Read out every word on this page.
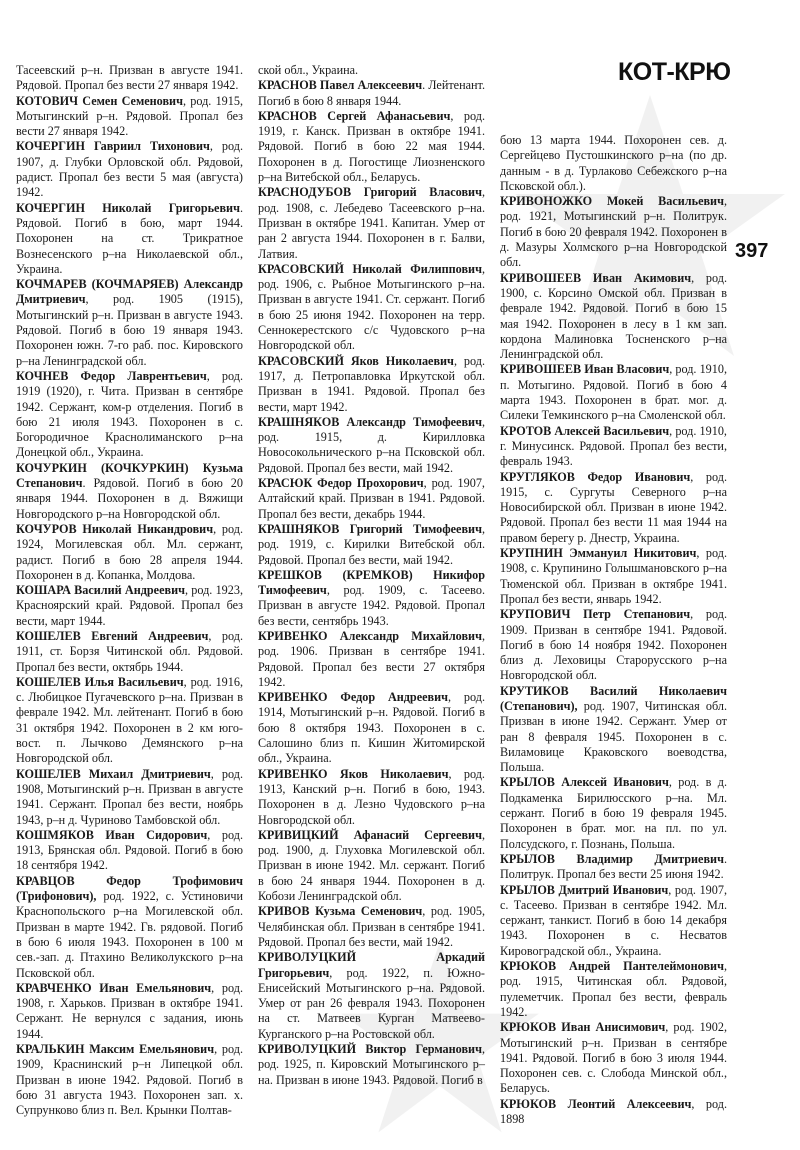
КОТ-КРЮ
397

Тасеевский р–н. Призван в августе 1941. Рядовой. Пропал без вести 27 января 1942.

КОТОВИЧ Семен Семенович, род. 1915, Мотыгинский р–н. Рядовой. Пропал без вести 27 января 1942.

КОЧЕРГИН Гавриил Тихонович, род. 1907, д. Глубки Орловской обл. Рядовой, радист. Пропал без вести 5 мая (августа) 1942.

КОЧЕРГИН Николай Григорьевич. Рядовой. Погиб в бою, март 1944. Похоронен на ст. Трикратное Вознесенского р–на Николаевской обл., Украина.

КОЧМАРЕВ (КОЧМАРЯЕВ) Александр Дмитриевич, род. 1905 (1915), Мотыгинский р–н. Призван в августе 1943. Рядовой. Погиб в бою 19 января 1943. Похоронен южн. 7-го раб. пос. Кировского р–на Ленинградской обл.

КОЧНЕВ Федор Лаврентьевич, род. 1919 (1920), г. Чита. Призван в сентябре 1942. Сержант, ком-р отделения. Погиб в бою 21 июля 1943. Похоронен в с. Богородичное Краснолиманского р–на Донецкой обл., Украина.

КОЧУРКИН (КОЧКУРКИН) Кузьма Степанович. Рядовой. Погиб в бою 20 января 1944. Похоронен в д. Вяжищи Новгородского р–на Новгородской обл.

КОЧУРОВ Николай Никандрович, род. 1924, Могилевская обл. Мл. сержант, радист. Погиб в бою 28 апреля 1944. Похоронен в д. Копанка, Молдова.

КОШАРА Василий Андреевич, род. 1923, Красноярский край. Рядовой. Пропал без вести, март 1944.

КОШЕЛЕВ Евгений Андреевич, род. 1911, ст. Борзя Читинской обл. Рядовой. Пропал без вести, октябрь 1944.

КОШЕЛЕВ Илья Васильевич, род. 1916, с. Любицкое Пугачевского р–на. Призван в феврале 1942. Мл. лейтенант. Погиб в бою 31 октября 1942. Похоронен в 2 км юго-вост. п. Лычково Демянского р–на Новгородской обл.

КОШЕЛЕВ Михаил Дмитриевич, род. 1908, Мотыгинский р–н. Призван в августе 1941. Сержант. Пропал без вести, ноябрь 1943, р–н д. Чуриново Тамбовской обл.

КОШМЯКОВ Иван Сидорович, род. 1913, Брянская обл. Рядовой. Погиб в бою 18 сентября 1942.

КРАВЦОВ Федор Трофимович (Трифонович), род. 1922, с. Устиновичи Краснопольского р–на Могилевской обл. Призван в марте 1942. Гв. рядовой. Погиб в бою 6 июля 1943. Похоронен в 100 м сев.-зап. д. Птахино Великолукского р–на Псковской обл.

КРАВЧЕНКО Иван Емельянович, род. 1908, г. Харьков. Призван в октябре 1941. Сержант. Не вернулся с задания, июнь 1944.

КРАЛЬКИН Максим Емельянович, род. 1909, Краснинский р–н Липецкой обл. Призван в июне 1942. Рядовой. Погиб в бою 31 августа 1943. Похоронен зап. х. Супрунково близ п. Вел. Крынки Полтав-

ской обл., Украина.

КРАСНОВ Павел Алексеевич. Лейтенант. Погиб в бою 8 января 1944.

КРАСНОВ Сергей Афанасьевич, род. 1919, г. Канск. Призван в октябре 1941. Рядовой. Погиб в бою 22 мая 1944. Похоронен в д. Погостище Лиозненского р–на Витебской обл., Беларусь.

КРАСНОДУБОВ Григорий Власович, род. 1908, с. Лебедево Тасеевского р–на. Призван в октябре 1941. Капитан. Умер от ран 2 августа 1944. Похоронен в г. Балви, Латвия.

КРАСОВСКИЙ Николай Филиппович, род. 1906, с. Рыбное Мотыгинского р–на. Призван в августе 1941. Ст. сержант. Погиб в бою 25 июня 1942. Похоронен на терр. Сеннокерестского с/с Чудовского р–на Новгородской обл.

КРАСОВСКИЙ Яков Николаевич, род. 1917, д. Петропавловка Иркутской обл. Призван в 1941. Рядовой. Пропал без вести, март 1942.

КРАШНЯКОВ Александр Тимофеевич, род. 1915, д. Кирилловка Новосокольнического р–на Псковской обл. Рядовой. Пропал без вести, май 1942.

КРАСЮК Федор Прохорович, род. 1907, Алтайский край. Призван в 1941. Рядовой. Пропал без вести, декабрь 1944.

КРАШНЯКОВ Григорий Тимофеевич, род. 1919, с. Кирилки Витебской обл. Рядовой. Пропал без вести, май 1942.

КРЕШКОВ (КРЕМКОВ) Никифор Тимофеевич, род. 1909, с. Тасеево. Призван в августе 1942. Рядовой. Пропал без вести, сентябрь 1943.

КРИВЕНКО Александр Михайлович, род. 1906. Призван в сентябре 1941. Рядовой. Пропал без вести 27 октября 1942.

КРИВЕНКО Федор Андреевич, род. 1914, Мотыгинский р–н. Рядовой. Погиб в бою 8 октября 1943. Похоронен в с. Салошино близ п. Кишин Житомирской обл., Украина.

КРИВЕНКО Яков Николаевич, род. 1913, Канский р–н. Погиб в бою, 1943. Похоронен в д. Лезно Чудовского р–на Новгородской обл.

КРИВИЦКИЙ Афанасий Сергеевич, род. 1900, д. Глуховка Могилевской обл. Призван в июне 1942. Мл. сержант. Погиб в бою 24 января 1944. Похоронен в д. Кобози Ленинградской обл.

КРИВОВ Кузьма Семенович, род. 1905, Челябинская обл. Призван в сентябре 1941. Рядовой. Пропал без вести, май 1942.

КРИВОЛУЦКИЙ Аркадий Григорьевич, род. 1922, п. Южно-Енисейский Мотыгинского р–на. Рядовой. Умер от ран 26 февраля 1943. Похоронен на ст. Матвеев Курган Матвеево-Курганского р–на Ростовской обл.

КРИВОЛУЦКИЙ Виктор Германович, род. 1925, п. Кировский Мотыгинского р–на. Призван в июне 1943. Рядовой. Погиб в

бою 13 марта 1944. Похоронен сев. д. Сергейцево Пустошкинского р–на (по др. данным - в д. Турлаково Себежского р–на Псковской обл.).

КРИВОНОЖКО Мокей Васильевич, род. 1921, Мотыгинский р–н. Политрук. Погиб в бою 20 февраля 1942. Похоронен в д. Мазуры Холмского р–на Новгородской обл.

КРИВОШЕЕВ Иван Акимович, род. 1900, с. Корсино Омской обл. Призван в феврале 1942. Рядовой. Погиб в бою 15 мая 1942. Похоронен в лесу в 1 км зап. кордона Малиновка Тосненского р–на Ленинградской обл.

КРИВОШЕЕВ Иван Власович, род. 1910, п. Мотыгино. Рядовой. Погиб в бою 4 марта 1943. Похоронен в брат. мог. д. Силеки Темкинского р–на Смоленской обл.

КРОТОВ Алексей Васильевич, род. 1910, г. Минусинск. Рядовой. Пропал без вести, февраль 1943.

КРУГЛЯКОВ Федор Иванович, род. 1915, с. Сургуты Северного р–на Новосибирской обл. Призван в июне 1942. Рядовой. Пропал без вести 11 мая 1944 на правом берегу р. Днестр, Украина.

КРУПНИН Эммануил Никитович, род. 1908, с. Крупинино Голышмановского р–на Тюменской обл. Призван в октябре 1941. Пропал без вести, январь 1942.

КРУПОВИЧ Петр Степанович, род. 1909. Призван в сентябре 1941. Рядовой. Погиб в бою 14 ноября 1942. Похоронен близ д. Леховицы Старорусского р–на Новгородской обл.

КРУТИКОВ Василий Николаевич (Степанович), род. 1907, Читинская обл. Призван в июне 1942. Сержант. Умер от ран 8 февраля 1945. Похоронен в с. Виламовице Краковского воеводства, Польша.

КРЫЛОВ Алексей Иванович, род. в д. Подкаменка Бирилюсского р–на. Мл. сержант. Погиб в бою 19 февраля 1945. Похоронен в брат. мог. на пл. по ул. Полсудского, г. Познань, Польша.

КРЫЛОВ Владимир Дмитриевич. Политрук. Пропал без вести 25 июня 1942.

КРЫЛОВ Дмитрий Иванович, род. 1907, с. Тасеево. Призван в сентябре 1942. Мл. сержант, танкист. Погиб в бою 14 декабря 1943. Похоронен в с. Несватов Кировоградской обл., Украина.

КРЮКОВ Андрей Пантелеймонович, род. 1915, Читинская обл. Рядовой, пулеметчик. Пропал без вести, февраль 1942.

КРЮКОВ Иван Анисимович, род. 1902, Мотыгинский р–н. Призван в сентябре 1941. Рядовой. Погиб в бою 3 июля 1944. Похоронен сев. с. Слобода Минской обл., Беларусь.

КРЮКОВ Леонтий Алексеевич, род. 1898
